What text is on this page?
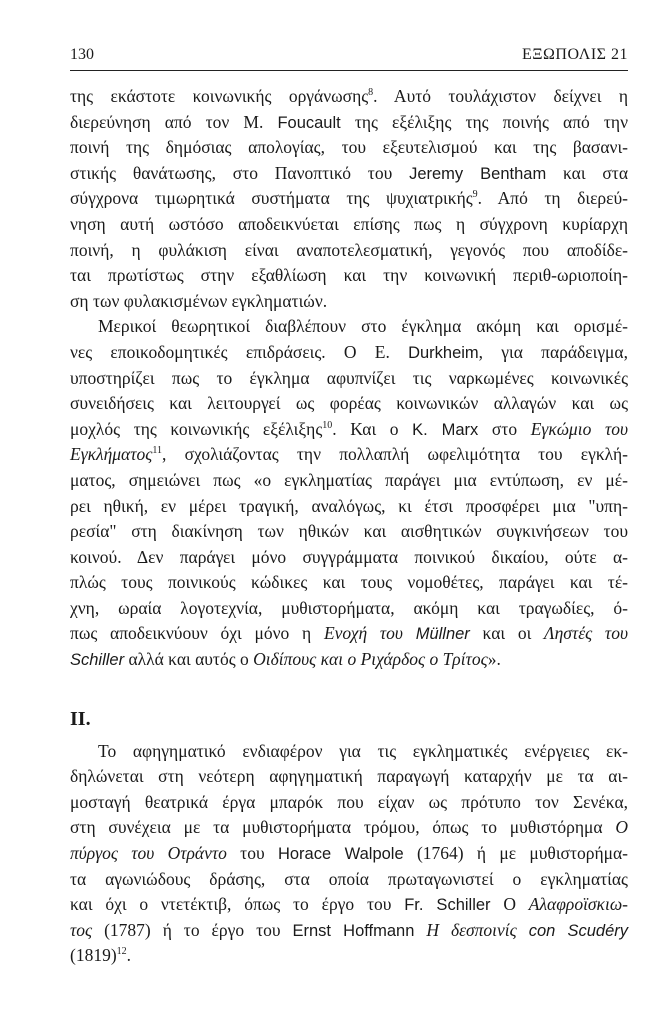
130	ΕΞΩΠΟΛΙΣ 21

της εκάστοτε κοινωνικής οργάνωσης$^8$. Αυτό τουλάχιστον δείχνει η
διερεύνηση από τον Μ. Foucault της εξέλιξης της ποινής από την
ποινή της δημόσιας απολογίας, του εξευτελισμού και της βασανι-
στικής θανάτωσης, στο Πανοπτικό του Jeremy Bentham και στα
σύγχρονα τιμωρητικά συστήματα της ψυχιατρικής$^9$. Από τη διερεύ-
νηση αυτή ωστόσο αποδεικνύεται επίσης πως η σύγχρονη κυρίαρχη
ποινή, η φυλάκιση είναι αναποτελεσματική, γεγονός που αποδίδε-
ται πρωτίστως στην εξαθλίωση και την κοινωνική περιθ-ωριοποίη-
ση των φυλακισμένων εγκληματιών.

Μερικοί θεωρητικοί διαβλέπουν στο έγκλημα ακόμη και ορισμέ-
νες εποικοδομητικές επιδράσεις. Ο Ε. Durkheim, για παράδειγμα,
υποστηρίζει πως το έγκλημα αφυπνίζει τις ναρκωμένες κοινωνικές
συνειδήσεις και λειτουργεί ως φορέας κοινωνικών αλλαγών και ως
μοχλός της κοινωνικής εξέλιξης$^{10}$. Και ο K. Marx στο Εγκώμιο του
Εγκλήματος$^{11}$, σχολιάζοντας την πολλαπλή ωφελιμότητα του εγκλή-
ματος, σημειώνει πως «ο εγκληματίας παράγει μια εντύπωση, εν μέ-
ρει ηθική, εν μέρει τραγική, αναλόγως, κι έτσι προσφέρει μια "υπη-
ρεσία" στη διακίνηση των ηθικών και αισθητικών συγκινήσεων του
κοινού. Δεν παράγει μόνο συγγράμματα ποινικού δικαίου, ούτε α-
πλώς τους ποινικούς κώδικες και τους νομοθέτες, παράγει και τέ-
χνη, ωραία λογοτεχνία, μυθιστορήματα, ακόμη και τραγωδίες, ό-
πως αποδεικνύουν όχι μόνο η Ενοχή του Müllner και οι Ληστές του
Schiller αλλά και αυτός ο Οιδίπους και ο Ριχάρδος ο Τρίτος».

II.

Το αφηγηματικό ενδιαφέρον για τις εγκληματικές ενέργειες εκ-
δηλώνεται στη νεότερη αφηγηματική παραγωγή καταρχήν με τα αι-
μοσταγή θεατρικά έργα μπαρόκ που είχαν ως πρότυπο τον Σενέκα,
στη συνέχεια με τα μυθιστορήματα τρόμου, όπως το μυθιστόρημα Ο
πύργος του Οτράντο του Horace Walpole (1764) ή με μυθιστορήμα-
τα αγωνιώδους δράσης, στα οποία πρωταγωνιστεί ο εγκληματίας
και όχι ο ντετέκτιβ, όπως το έργο του Fr. Schiller Ο Αλαφροϊσκιω-
τος (1787) ή το έργο του Ernst Hoffmann Η δεσποινίς con Scudéry
$(1819)^{12}$.
